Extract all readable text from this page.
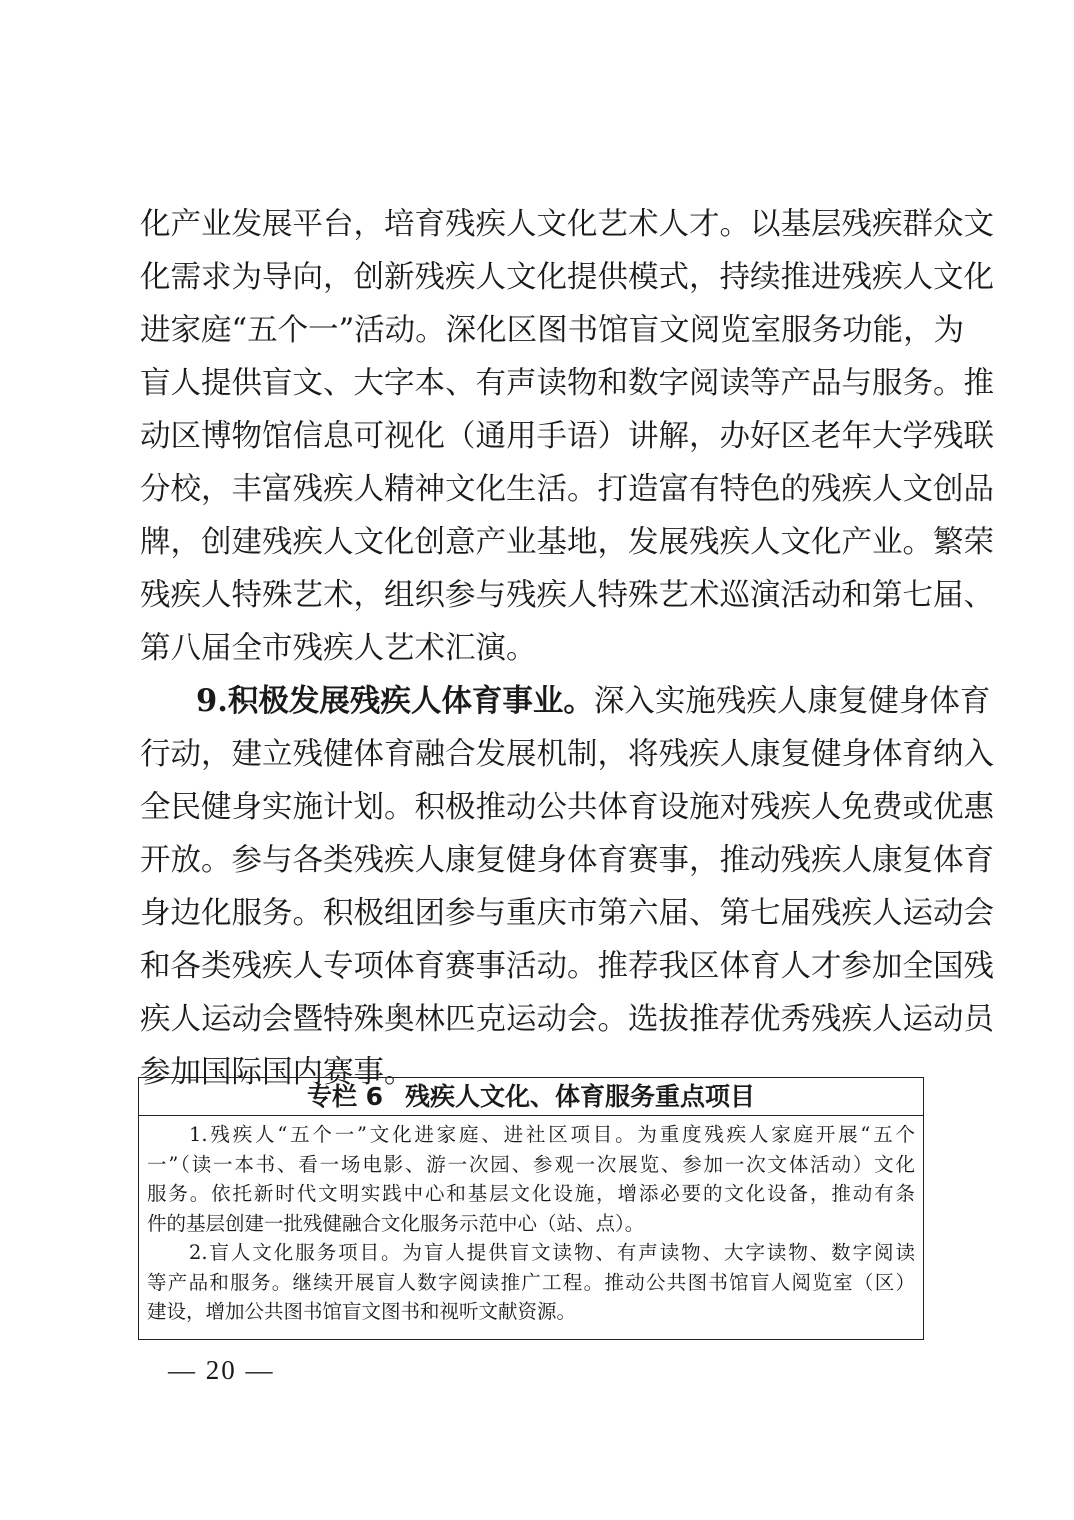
化产业发展平台，培育残疾人文化艺术人才。以基层残疾群众文
化需求为导向，创新残疾人文化提供模式，持续推进残疾人文化
进家庭“五个一”活动。深化区图书馆盲文阅览室服务功能，为
盲人提供盲文、大字本、有声读物和数字阅读等产品与服务。推
动区博物馆信息可视化（通用手语）讲解，办好区老年大学残联
分校，丰富残疾人精神文化生活。打造富有特色的残疾人文创品
牌，创建残疾人文化创意产业基地，发展残疾人文化产业。繁荣
残疾人特殊艺术，组织参与残疾人特殊艺术巡演活动和第七届、
第八届全市残疾人艺术汇演。
9.积极发展残疾人体育事业。深入实施残疾人康复健身体育
行动，建立残健体育融合发展机制，将残疾人康复健身体育纳入
全民健身实施计划。积极推动公共体育设施对残疾人免费或优惠
开放。参与各类残疾人康复健身体育赛事，推动残疾人康复体育
身边化服务。积极组团参与重庆市第六届、第七届残疾人运动会
和各类残疾人专项体育赛事活动。推荐我区体育人才参加全国残
疾人运动会暨特殊奥林匹克运动会。选拔推荐优秀残疾人运动员
参加国际国内赛事。
专栏 6 残疾人文化、体育服务重点项目
1.残疾人“五个一”文化进家庭、进社区项目。为重度残疾人家庭开展“五个
一”（读一本书、看一场电影、游一次园、参观一次展览、参加一次文体活动）文化
服务。依托新时代文明实践中心和基层文化设施，增添必要的文化设备，推动有条
件的基层创建一批残健融合文化服务示范中心（站、点）。
2.盲人文化服务项目。为盲人提供盲文读物、有声读物、大字读物、数字阅读
等产品和服务。继续开展盲人数字阅读推广工程。推动公共图书馆盲人阅览室（区）
建设，增加公共图书馆盲文图书和视听文献资源。
— 20 —
